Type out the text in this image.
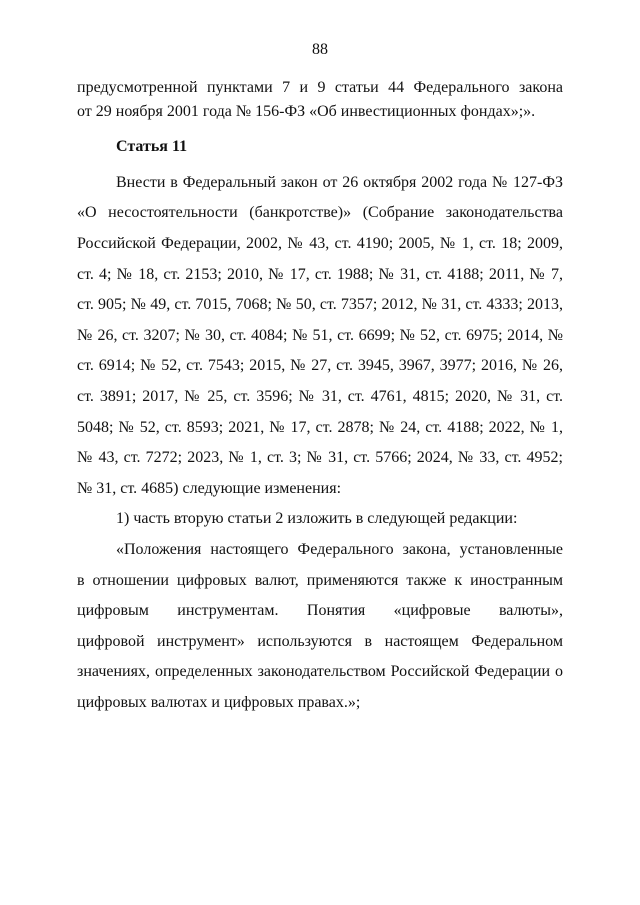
88
предусмотренной пунктами 7 и 9 статьи 44 Федерального закона
от 29 ноября 2001 года № 156-ФЗ «Об инвестиционных фондах»;».
Статья 11
Внести в Федеральный закон от 26 октября 2002 года № 127-ФЗ
«О несостоятельности (банкротстве)» (Собрание законодательства
Российской Федерации, 2002, № 43, ст. 4190; 2005, № 1, ст. 18; 2009,
ст. 4; № 18, ст. 2153; 2010, № 17, ст. 1988; № 31, ст. 4188; 2011, № 7,
ст. 905; № 49, ст. 7015, 7068; № 50, ст. 7357; 2012, № 31, ст. 4333; 2013,
№ 26, ст. 3207; № 30, ст. 4084; № 51, ст. 6699; № 52, ст. 6975; 2014, №
ст. 6914; № 52, ст. 7543; 2015, № 27, ст. 3945, 3967, 3977; 2016, № 26,
ст. 3891; 2017, № 25, ст. 3596; № 31, ст. 4761, 4815; 2020, № 31, ст.
5048; № 52, ст. 8593; 2021, № 17, ст. 2878; № 24, ст. 4188; 2022, № 1,
№ 43, ст. 7272; 2023, № 1, ст. 3; № 31, ст. 5766; 2024, № 33, ст. 4952;
№ 31, ст. 4685) следующие изменения:
1) часть вторую статьи 2 изложить в следующей редакции:
«Положения настоящего Федерального закона, установленные
в отношении цифровых валют, применяются также к иностранным
цифровым инструментам. Понятия «цифровые валюты»,
цифровой инструмент» используются в настоящем Федеральном
значениях, определенных законодательством Российской Федерации о
цифровых валютах и цифровых правах.»;
